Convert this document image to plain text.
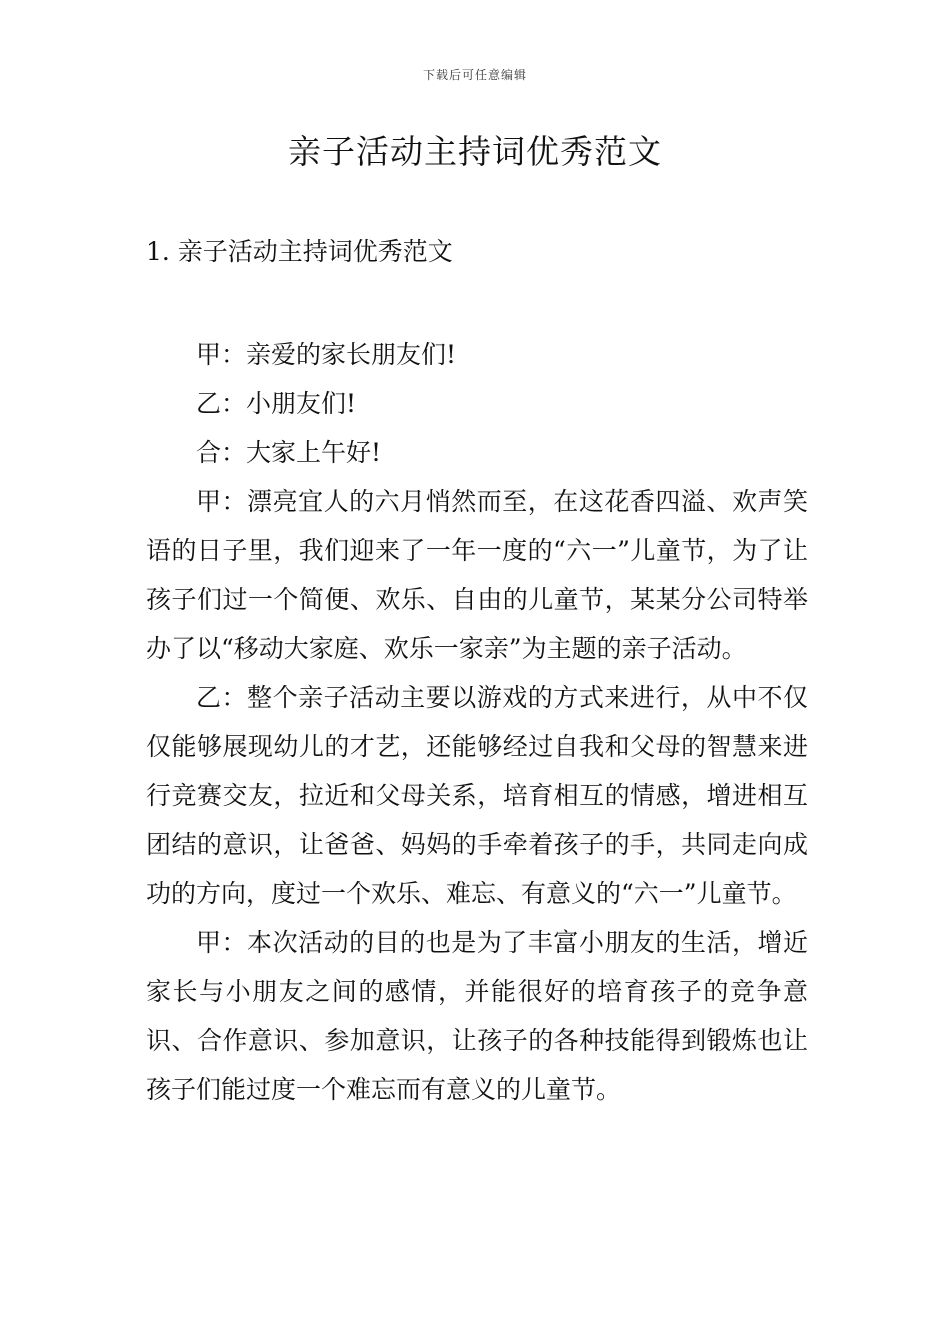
下载后可任意编辑
亲子活动主持词优秀范文
1. 亲子活动主持词优秀范文

甲：亲爱的家长朋友们!

乙：小朋友们!

合：大家上午好!

甲：漂亮宜人的六月悄然而至，在这花香四溢、欢声笑语的日子里，我们迎来了一年一度的“六一”儿童节，为了让孩子们过一个简便、欢乐、自由的儿童节，某某分公司特举办了以“移动大家庭、欢乐一家亲”为主题的亲子活动。

乙：整个亲子活动主要以游戏的方式来进行，从中不仅仅能够展现幼儿的才艺，还能够经过自我和父母的智慧来进行竞赛交友，拉近和父母关系，培育相互的情感，增进相互团结的意识，让爸爸、妈妈的手牵着孩子的手，共同走向成功的方向，度过一个欢乐、难忘、有意义的“六一”儿童节。

甲：本次活动的目的也是为了丰富小朋友的生活，增近家长与小朋友之间的感情，并能很好的培育孩子的竞争意识、合作意识、参加意识，让孩子的各种技能得到锻炼也让孩子们能过度一个难忘而有意义的儿童节。
